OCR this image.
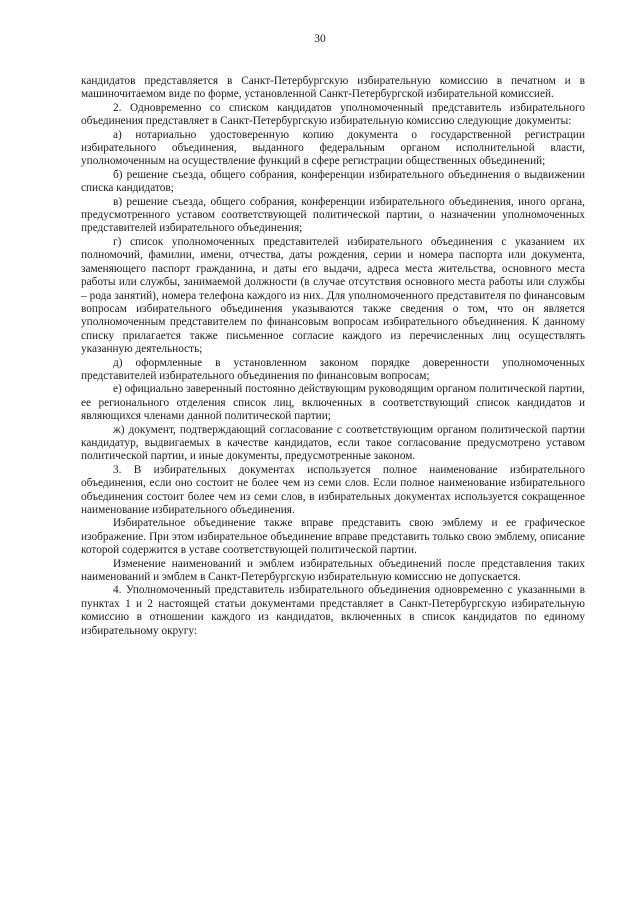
30

кандидатов представляется в Санкт-Петербургскую избирательную комиссию в печатном и в машиночитаемом виде по форме, установленной Санкт-Петербургской избирательной комиссией.

2. Одновременно со списком кандидатов уполномоченный представитель избирательного объединения представляет в Санкт-Петербургскую избирательную комиссию следующие документы:

а) нотариально удостоверенную копию документа о государственной регистрации избирательного объединения, выданного федеральным органом исполнительной власти, уполномоченным на осуществление функций в сфере регистрации общественных объединений;

б) решение съезда, общего собрания, конференции избирательного объединения о выдвижении списка кандидатов;

в) решение съезда, общего собрания, конференции избирательного объединения, иного органа, предусмотренного уставом соответствующей политической партии, о назначении уполномоченных представителей избирательного объединения;

г) список уполномоченных представителей избирательного объединения с указанием их полномочий, фамилии, имени, отчества, даты рождения, серии и номера паспорта или документа, заменяющего паспорт гражданина, и даты его выдачи, адреса места жительства, основного места работы или службы, занимаемой должности (в случае отсутствия основного места работы или службы – рода занятий), номера телефона каждого из них. Для уполномоченного представителя по финансовым вопросам избирательного объединения указываются также сведения о том, что он является уполномоченным представителем по финансовым вопросам избирательного объединения. К данному списку прилагается также письменное согласие каждого из перечисленных лиц осуществлять указанную деятельность;

д) оформленные в установленном законом порядке доверенности уполномоченных представителей избирательного объединения по финансовым вопросам;

е) официально заверенный постоянно действующим руководящим органом политической партии, ее регионального отделения список лиц, включенных в соответствующий список кандидатов и являющихся членами данной политической партии;

ж) документ, подтверждающий согласование с соответствующим органом политической партии кандидатур, выдвигаемых в качестве кандидатов, если такое согласование предусмотрено уставом политической партии, и иные документы, предусмотренные законом.

3. В избирательных документах используется полное наименование избирательного объединения, если оно состоит не более чем из семи слов. Если полное наименование избирательного объединения состоит более чем из семи слов, в избирательных документах используется сокращенное наименование избирательного объединения.

Избирательное объединение также вправе представить свою эмблему и ее графическое изображение. При этом избирательное объединение вправе представить только свою эмблему, описание которой содержится в уставе соответствующей политической партии.

Изменение наименований и эмблем избирательных объединений после представления таких наименований и эмблем в Санкт-Петербургскую избирательную комиссию не допускается.

4. Уполномоченный представитель избирательного объединения одновременно с указанными в пунктах 1 и 2 настоящей статьи документами представляет в Санкт-Петербургскую избирательную комиссию в отношении каждого из кандидатов, включенных в список кандидатов по единому избирательному округу:
